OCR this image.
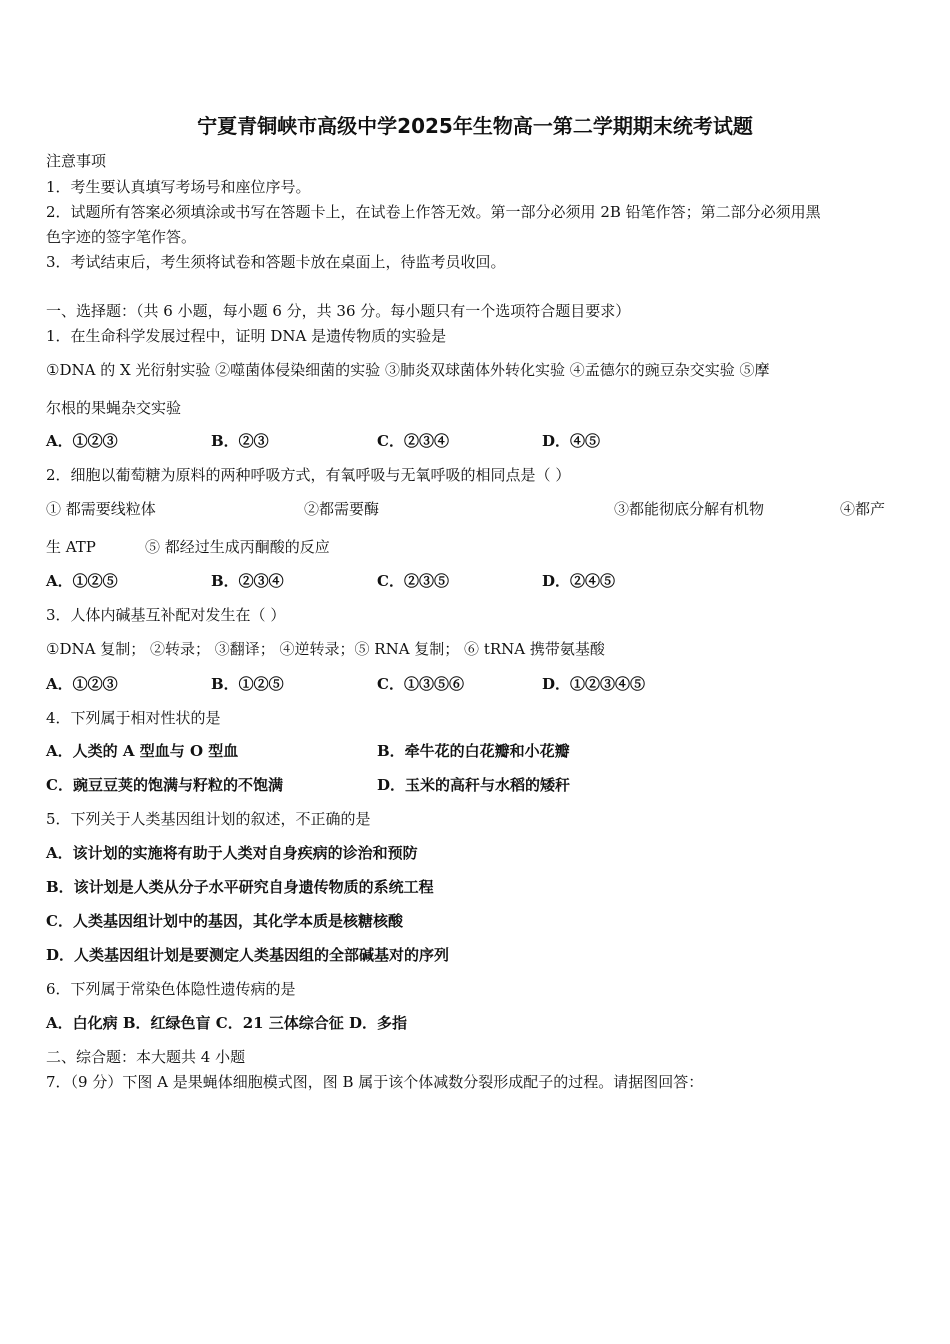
宁夏青铜峡市高级中学2025年生物高一第二学期期末统考试题
注意事项
1．考生要认真填写考场号和座位序号。
2．试题所有答案必须填涂或书写在答题卡上，在试卷上作答无效。第一部分必须用 2B 铅笔作答；第二部分必须用黑
色字迹的签字笔作答。
3．考试结束后，考生须将试卷和答题卡放在桌面上，待监考员收回。
一、选择题：（共 6 小题，每小题 6 分，共 36 分。每小题只有一个选项符合题目要求）
1．在生命科学发展过程中，证明 DNA 是遗传物质的实验是
①DNA 的 X 光衍射实验 ②噬菌体侵染细菌的实验 ③肺炎双球菌体外转化实验 ④孟德尔的豌豆杂交实验 ⑤摩
尔根的果蝇杂交实验
A．①②③	B．②③	C．②③④	D．④⑤
2．细胞以葡萄糖为原料的两种呼吸方式，有氧呼吸与无氧呼吸的相同点是（ ）
① 都需要线粒体	②都需要酶	③都能彻底分解有机物	④都产
生 ATP	⑤ 都经过生成丙酮酸的反应
A．①②⑤	B．②③④	C．②③⑤	D．②④⑤
3．人体内碱基互补配对发生在（ ）
①DNA 复制； ②转录； ③翻译； ④逆转录；⑤ RNA 复制； ⑥ tRNA 携带氨基酸
A．①②③	B．①②⑤	C．①③⑤⑥	D．①②③④⑤
4．下列属于相对性状的是
A．人类的 A 型血与 O 型血	B．牵牛花的白花瓣和小花瓣
C．豌豆豆荚的饱满与籽粒的不饱满	D．玉米的高秆与水稻的矮秆
5．下列关于人类基因组计划的叙述，不正确的是
A．该计划的实施将有助于人类对自身疾病的诊治和预防
B．该计划是人类从分子水平研究自身遗传物质的系统工程
C．人类基因组计划中的基因，其化学本质是核糖核酸
D．人类基因组计划是要测定人类基因组的全部碱基对的序列
6．下列属于常染色体隐性遗传病的是
A．白化病 B．红绿色盲 C．21 三体综合征 D．多指
二、综合题：本大题共 4 小题
7．（9 分）下图 A 是果蝇体细胞模式图，图 B 属于该个体减数分裂形成配子的过程。请据图回答：
